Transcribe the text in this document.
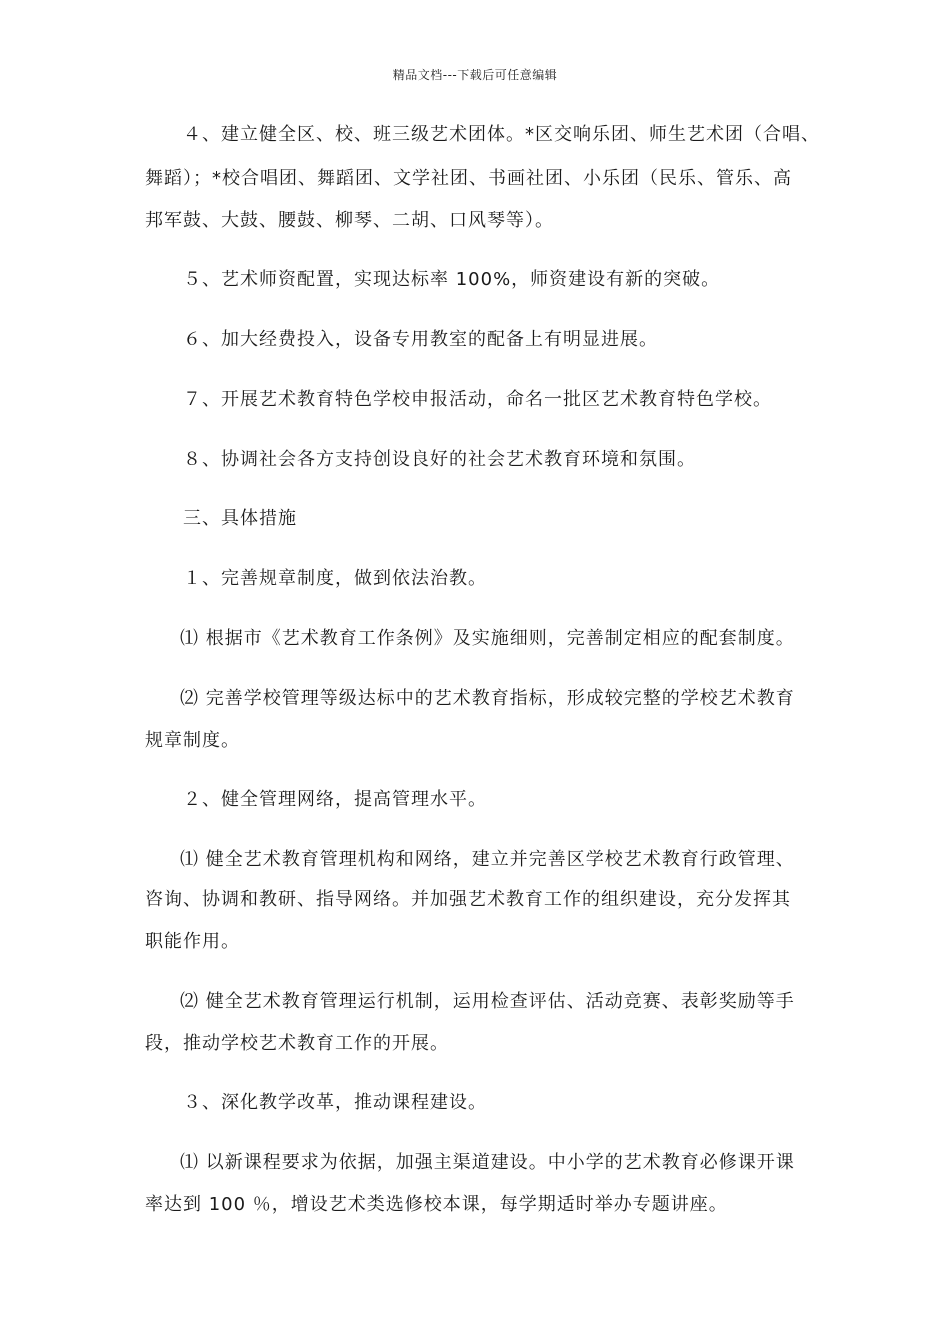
精品文档---下载后可任意编辑
４、建立健全区、校、班三级艺术团体。*区交响乐团、师生艺术团（合唱、
舞蹈）；*校合唱团、舞蹈团、文学社团、书画社团、小乐团（民乐、管乐、高
邦军鼓、大鼓、腰鼓、柳琴、二胡、口风琴等）。
５、艺术师资配置，实现达标率 100%，师资建设有新的突破。
６、加大经费投入，设备专用教室的配备上有明显进展。
７、开展艺术教育特色学校申报活动，命名一批区艺术教育特色学校。
８、协调社会各方支持创设良好的社会艺术教育环境和氛围。
三、具体措施
１、完善规章制度，做到依法治教。
⑴ 根据市《艺术教育工作条例》及实施细则，完善制定相应的配套制度。
⑵ 完善学校管理等级达标中的艺术教育指标，形成较完整的学校艺术教育
规章制度。
２、健全管理网络，提高管理水平。
⑴ 健全艺术教育管理机构和网络，建立并完善区学校艺术教育行政管理、
咨询、协调和教研、指导网络。并加强艺术教育工作的组织建设，充分发挥其
职能作用。
⑵ 健全艺术教育管理运行机制，运用检查评估、活动竞赛、表彰奖励等手
段，推动学校艺术教育工作的开展。
３、深化教学改革，推动课程建设。
⑴ 以新课程要求为依据，加强主渠道建设。中小学的艺术教育必修课开课
率达到 100 ％，增设艺术类选修校本课，每学期适时举办专题讲座。
